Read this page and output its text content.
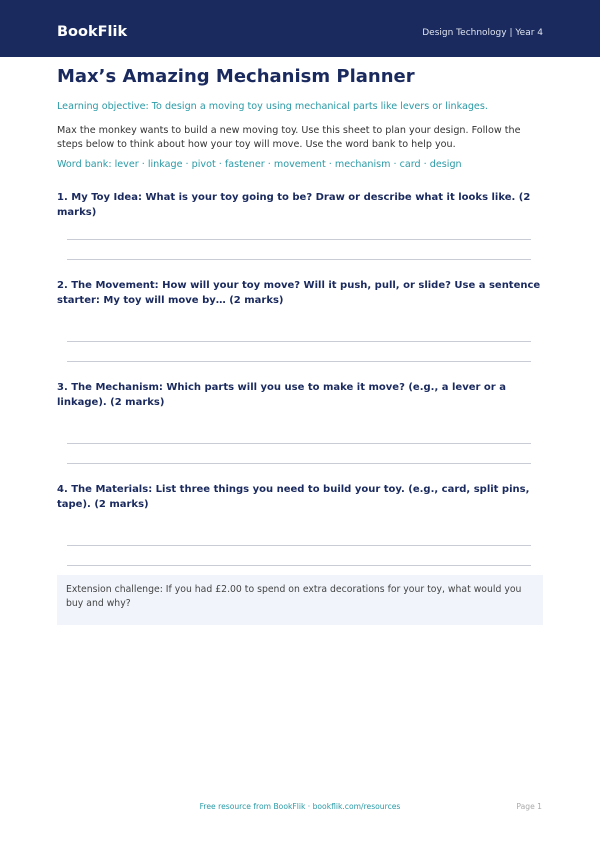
BookFlik	Design Technology | Year 4
Max’s Amazing Mechanism Planner
Learning objective: To design a moving toy using mechanical parts like levers or linkages.
Max the monkey wants to build a new moving toy. Use this sheet to plan your design. Follow the steps below to think about how your toy will move. Use the word bank to help you.
Word bank: lever · linkage · pivot · fastener · movement · mechanism · card · design
1. My Toy Idea: What is your toy going to be? Draw or describe what it looks like. (2 marks)
2. The Movement: How will your toy move? Will it push, pull, or slide? Use a sentence starter: My toy will move by… (2 marks)
3. The Mechanism: Which parts will you use to make it move? (e.g., a lever or a linkage). (2 marks)
4. The Materials: List three things you need to build your toy. (e.g., card, split pins, tape). (2 marks)
Extension challenge: If you had £2.00 to spend on extra decorations for your toy, what would you buy and why?
Free resource from BookFlik · bookflik.com/resources	Page 1
